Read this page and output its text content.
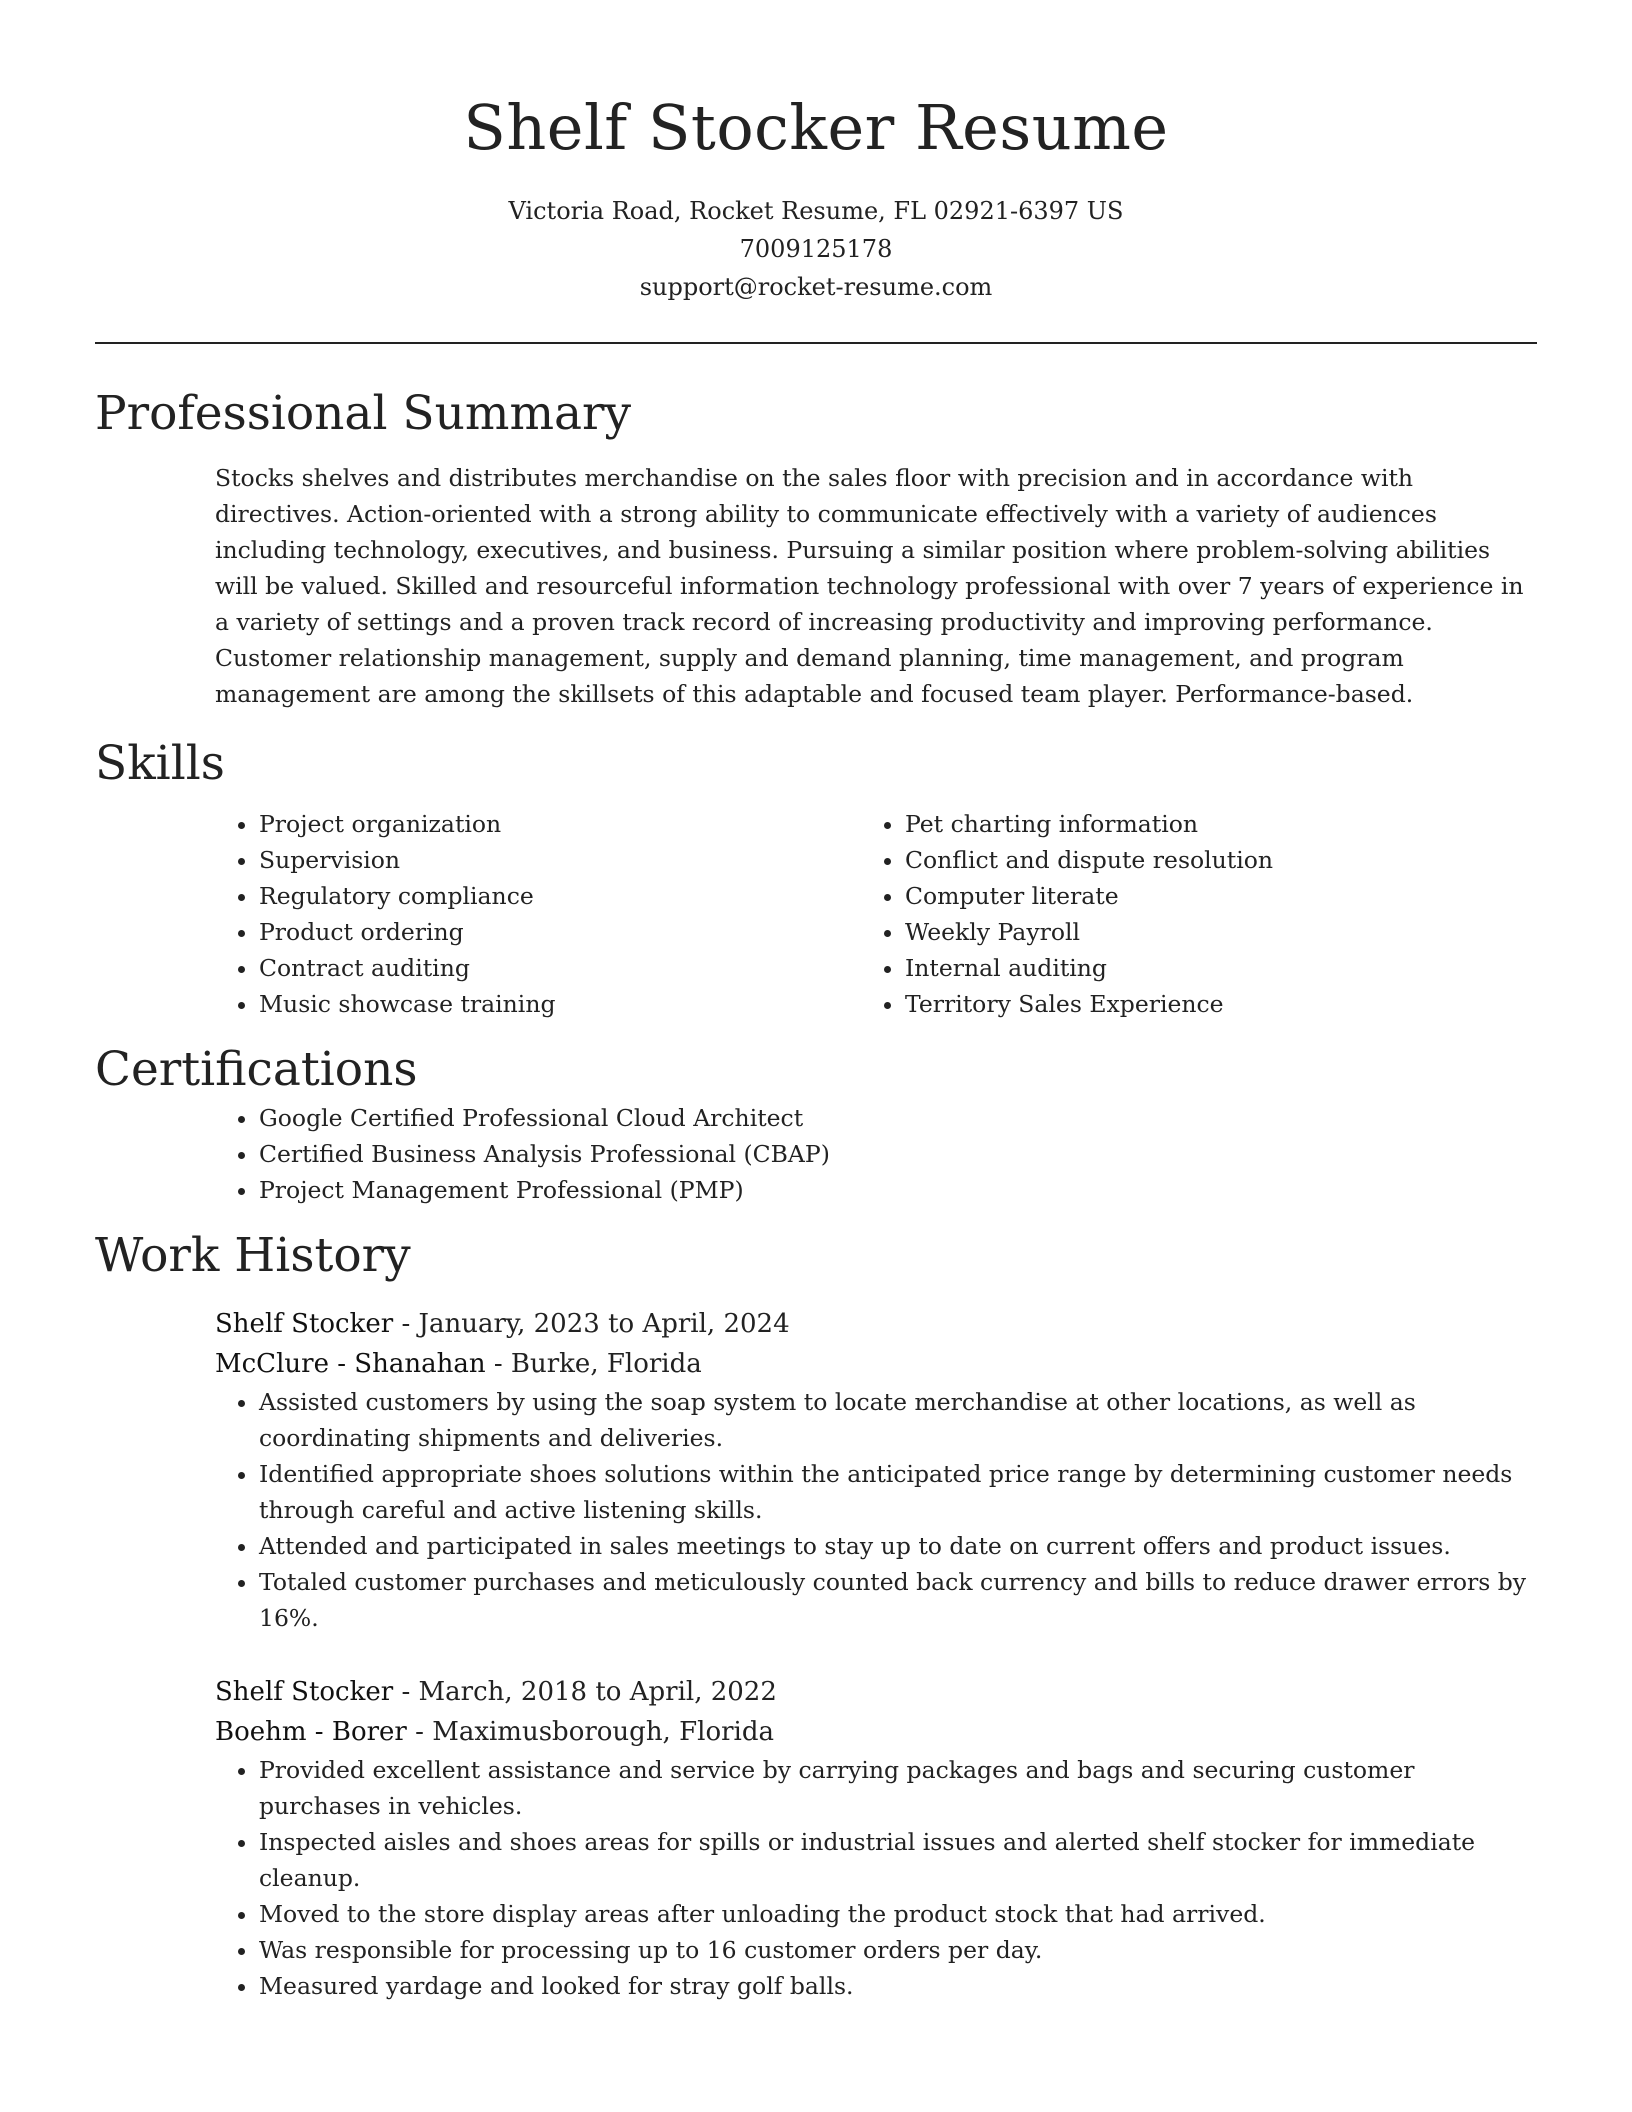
Shelf Stocker Resume
Victoria Road, Rocket Resume, FL 02921-6397 US
7009125178
support@rocket-resume.com
Professional Summary

Stocks shelves and distributes merchandise on the sales floor with precision and in accordance with directives. Action-oriented with a strong ability to communicate effectively with a variety of audiences including technology, executives, and business. Pursuing a similar position where problem-solving abilities will be valued. Skilled and resourceful information technology professional with over 7 years of experience in a variety of settings and a proven track record of increasing productivity and improving performance. Customer relationship management, supply and demand planning, time management, and program management are among the skillsets of this adaptable and focused team player. Performance-based.

Skills
• Project organization
• Supervision
• Regulatory compliance
• Product ordering
• Contract auditing
• Music showcase training
• Pet charting information
• Conflict and dispute resolution
• Computer literate
• Weekly Payroll
• Internal auditing
• Territory Sales Experience
Certifications
• Google Certified Professional Cloud Architect
• Certified Business Analysis Professional (CBAP)
• Project Management Professional (PMP)
Work History
Shelf Stocker - January, 2023 to April, 2024
McClure - Shanahan - Burke, Florida
• Assisted customers by using the soap system to locate merchandise at other locations, as well as coordinating shipments and deliveries.
• Identified appropriate shoes solutions within the anticipated price range by determining customer needs through careful and active listening skills.
• Attended and participated in sales meetings to stay up to date on current offers and product issues.
• Totaled customer purchases and meticulously counted back currency and bills to reduce drawer errors by 16%.
Shelf Stocker - March, 2018 to April, 2022
Boehm - Borer - Maximusborough, Florida
• Provided excellent assistance and service by carrying packages and bags and securing customer purchases in vehicles.
• Inspected aisles and shoes areas for spills or industrial issues and alerted shelf stocker for immediate cleanup.
• Moved to the store display areas after unloading the product stock that had arrived.
• Was responsible for processing up to 16 customer orders per day.
• Measured yardage and looked for stray golf balls.
